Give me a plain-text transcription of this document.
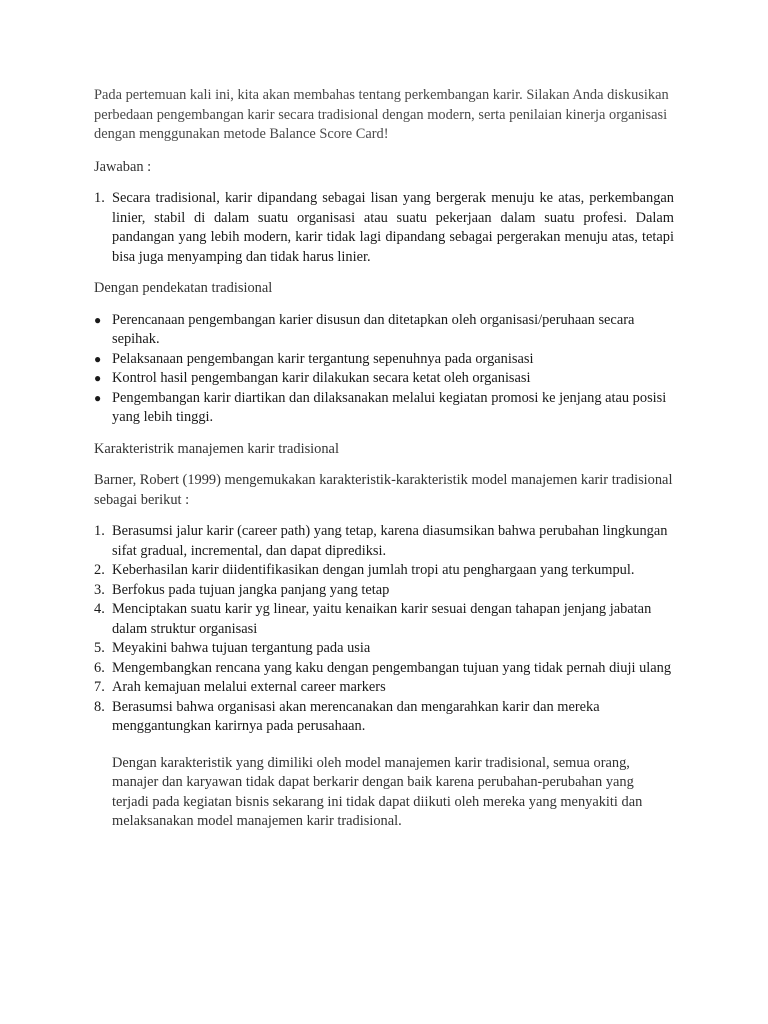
Pada pertemuan kali ini, kita akan membahas tentang perkembangan karir. Silakan Anda diskusikan perbedaan pengembangan karir secara tradisional dengan modern, serta penilaian kinerja organisasi dengan menggunakan metode Balance Score Card!

Jawaban :

1. Secara tradisional, karir dipandang sebagai lisan yang bergerak menuju ke atas, perkembangan linier, stabil di dalam suatu organisasi atau suatu pekerjaan dalam suatu profesi. Dalam pandangan yang lebih modern, karir tidak lagi dipandang sebagai pergerakan menuju atas, tetapi bisa juga menyamping dan tidak harus linier.

Dengan pendekatan tradisional

● Perencanaan pengembangan karier disusun dan ditetapkan oleh organisasi/peruhaan secara sepihak.
● Pelaksanaan pengembangan karir tergantung sepenuhnya pada organisasi
● Kontrol hasil pengembangan karir dilakukan secara ketat oleh organisasi
● Pengembangan karir diartikan dan dilaksanakan melalui kegiatan promosi ke jenjang atau posisi yang lebih tinggi.

Karakteristrik manajemen karir tradisional

Barner, Robert (1999) mengemukakan karakteristik-karakteristik model manajemen karir tradisional sebagai berikut :

1. Berasumsi jalur karir (career path) yang tetap, karena diasumsikan bahwa perubahan lingkungan sifat gradual, incremental, dan dapat diprediksi.
2. Keberhasilan karir diidentifikasikan dengan jumlah tropi atu penghargaan yang terkumpul.
3. Berfokus pada tujuan jangka panjang yang tetap
4. Menciptakan suatu karir yg linear, yaitu kenaikan karir sesuai dengan tahapan jenjang jabatan dalam struktur organisasi
5. Meyakini bahwa tujuan tergantung pada usia
6. Mengembangkan rencana yang kaku dengan pengembangan tujuan yang tidak pernah diuji ulang
7. Arah kemajuan melalui external career markers
8. Berasumsi bahwa organisasi akan merencanakan dan mengarahkan karir dan mereka menggantungkan karirnya pada perusahaan.

Dengan karakteristik yang dimiliki oleh model manajemen karir tradisional, semua orang, manajer dan karyawan tidak dapat berkarir dengan baik karena perubahan-perubahan yang terjadi pada kegiatan bisnis sekarang ini tidak dapat diikuti oleh mereka yang menyakiti dan melaksanakan model manajemen karir tradisional.
